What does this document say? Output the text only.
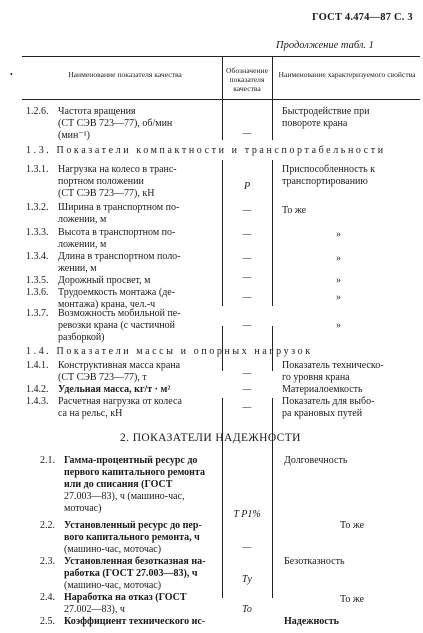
ГОСТ 4.474—87 С. 3
Продолжение табл. 1
•	Наименование показателя качества	Обозначение показателя качества
Наименование характеризуемого свойства
1.2.6. Частота вращения
(СТ СЭВ 723—77), об/мин
(мин⁻¹)	—
Быстродействие при
повороте крана
1.3. Показатели компактности и транспортабельности
1.3.1. Нагрузка на колесо в транс-
портном положении
(СТ СЭВ 723—77), кН
P
Приспособленность к
транспортированию
1.3.2. Ширина в транспортном по-
ложении, м
—	То же
1.3.3. Высота в транспортном по-
ложении, м
—	»
1.3.4. Длина в транспортном поло-
жении, м
—	»
1.3.5. Дорожный просвет, м	—	»
1.3.6. Трудоемкость монтажа (де-
монтажа) крана, чел.-ч
—	»
1.3.7. Возможность мобильной пе-
ревозки крана (с частичной
разборкой)
—	»
1.4. Показатели массы и опорных нагрузок
1.4.1. Конструктивная масса крана
(СТ СЭВ 723—77), т	—
Показатель техническо-
го уровня крана
1.4.2. Удельная масса, кг/т · м²	—	Материалоемкость
1.4.3. Расчетная нагрузка от колеса
са на рельс, кН
—
Показатель для выбо-
ра крановых путей
2. ПОКАЗАТЕЛИ НАДЕЖНОСТИ
2.1. Гамма-процентный ресурс до
первого капитального ремонта
или до списания (ГОСТ
27.003—83), ч (машино-час,
моточас)
T P1%
Долговечность
2.2. Установленный ресурс до пер-
вого капитального ремонта, ч
(машино-час, моточас)	—
То же
2.3. Установленная безотказная на-
работка (ГОСТ 27.003—83), ч
(машино-час, моточас)
Tу
Безотказность
2.4. Наработка на отказ (ГОСТ
27.002—83), ч	To
То же
2.5. Коэффициент технического ис-	Надежность
